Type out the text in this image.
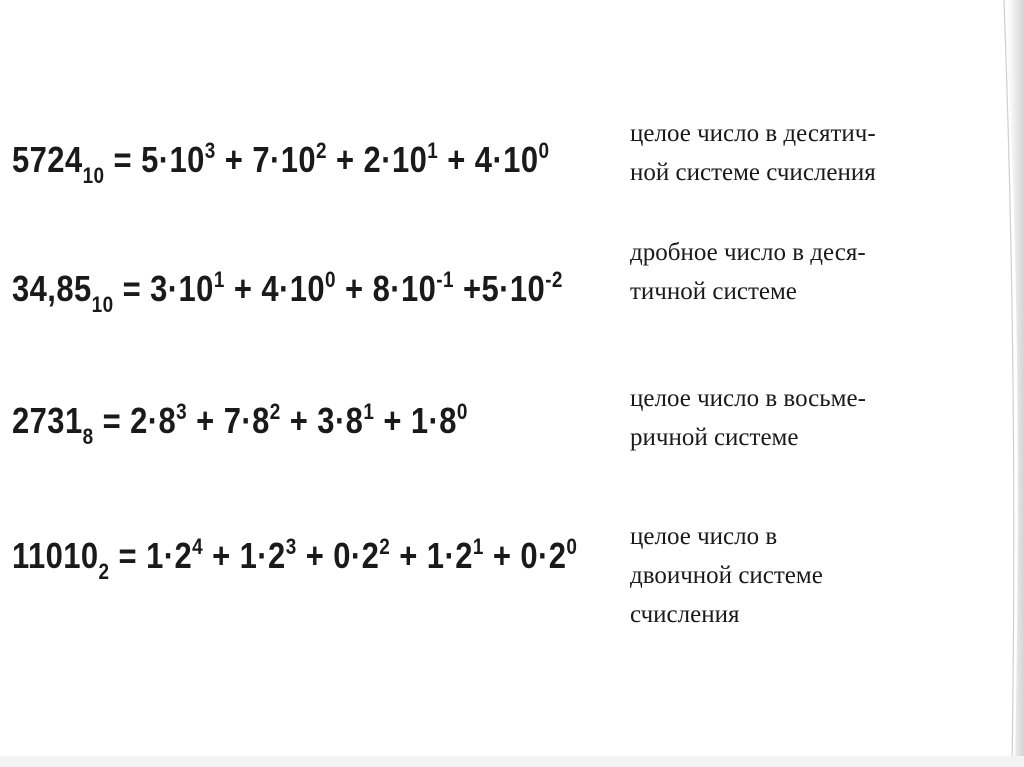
$5724_{10} = 5\cdot 10^3 + 7\cdot 10^2 + 2\cdot 10^1 + 4\cdot 10^0$
$34,85_{10} = 3\cdot 10^1 + 4\cdot 10^0 + 8\cdot 10^{-1} +5\cdot 10^{-2}$
$2731_8 = 2\cdot 8^3 + 7\cdot 8^2 + 3\cdot 8^1 + 1\cdot 8^0$
$11010_2 = 1\cdot 2^4 + 1\cdot 2^3 + 0\cdot 2^2 + 1\cdot 2^1 + 0\cdot 2^0$
целое число в десятич-
ной системе счисления
дробное число в деся-
тичной системе
целое число в восьме-
ричной системе
целое число в
двоичной системе
счисления
